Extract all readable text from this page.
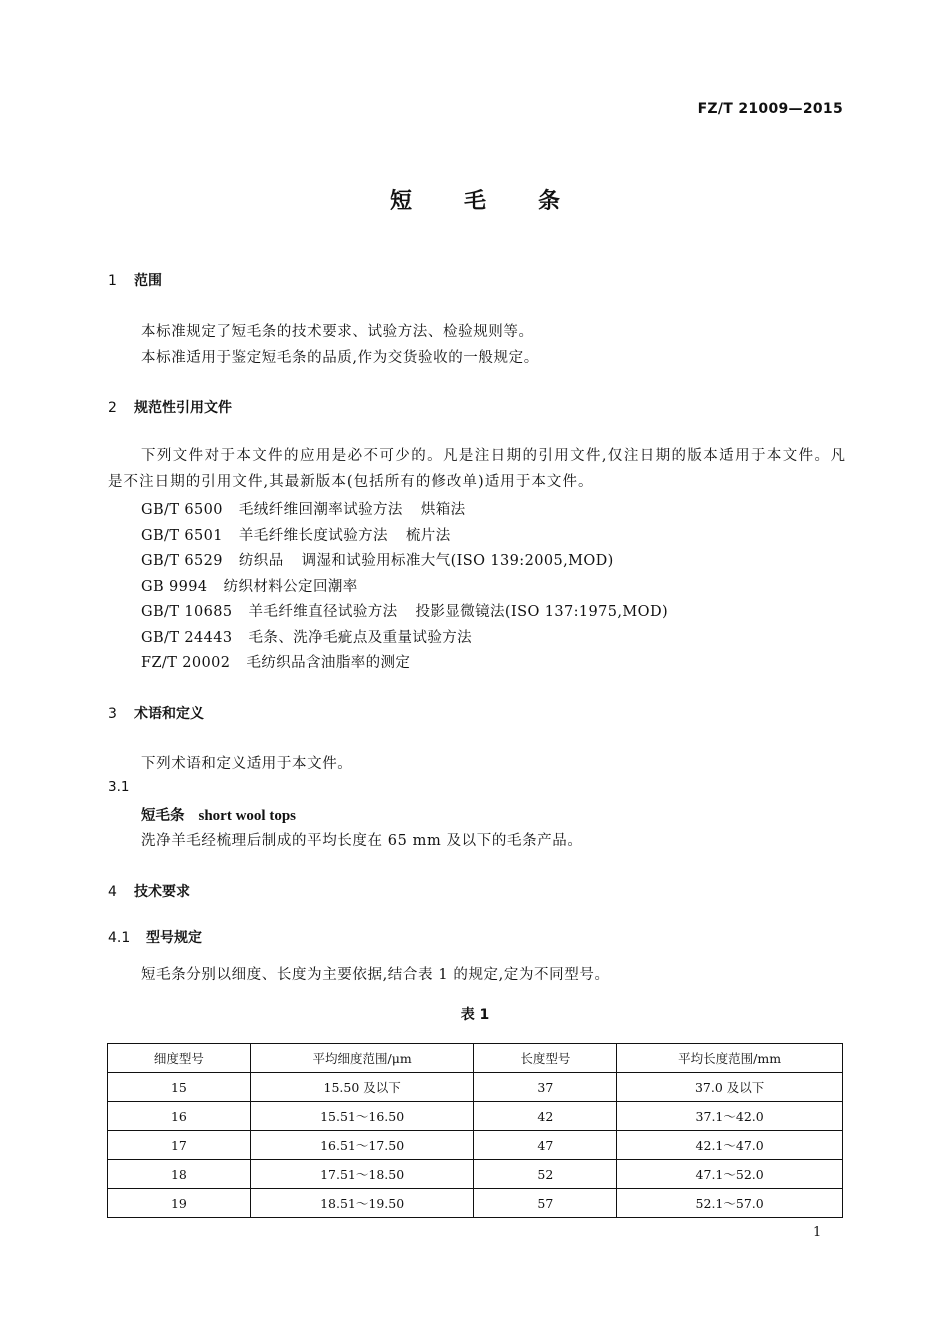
FZ/T 21009—2015
短 毛 条
1 范围
本标准规定了短毛条的技术要求、试验方法、检验规则等。
本标准适用于鉴定短毛条的品质,作为交货验收的一般规定。
2 规范性引用文件
下列文件对于本文件的应用是必不可少的。凡是注日期的引用文件,仅注日期的版本适用于本文件。凡是不注日期的引用文件,其最新版本(包括所有的修改单)适用于本文件。
GB/T 6500 毛绒纤维回潮率试验方法 烘箱法
GB/T 6501 羊毛纤维长度试验方法 梳片法
GB/T 6529 纺织品 调湿和试验用标准大气(ISO 139:2005,MOD)
GB 9994 纺织材料公定回潮率
GB/T 10685 羊毛纤维直径试验方法 投影显微镜法(ISO 137:1975,MOD)
GB/T 24443 毛条、洗净毛疵点及重量试验方法
FZ/T 20002 毛纺织品含油脂率的测定
3 术语和定义
下列术语和定义适用于本文件。
3.1
短毛条 short wool tops
洗净羊毛经梳理后制成的平均长度在 65 mm 及以下的毛条产品。
4 技术要求
4.1 型号规定
短毛条分别以细度、长度为主要依据,结合表 1 的规定,定为不同型号。
表 1
细度型号	平均细度范围/μm	长度型号	平均长度范围/mm
15	15.50 及以下	37	37.0 及以下
16	15.51～16.50	42	37.1～42.0
17	16.51～17.50	47	42.1～47.0
18	17.51～18.50	52	47.1～52.0
19	18.51～19.50	57	52.1～57.0
1
